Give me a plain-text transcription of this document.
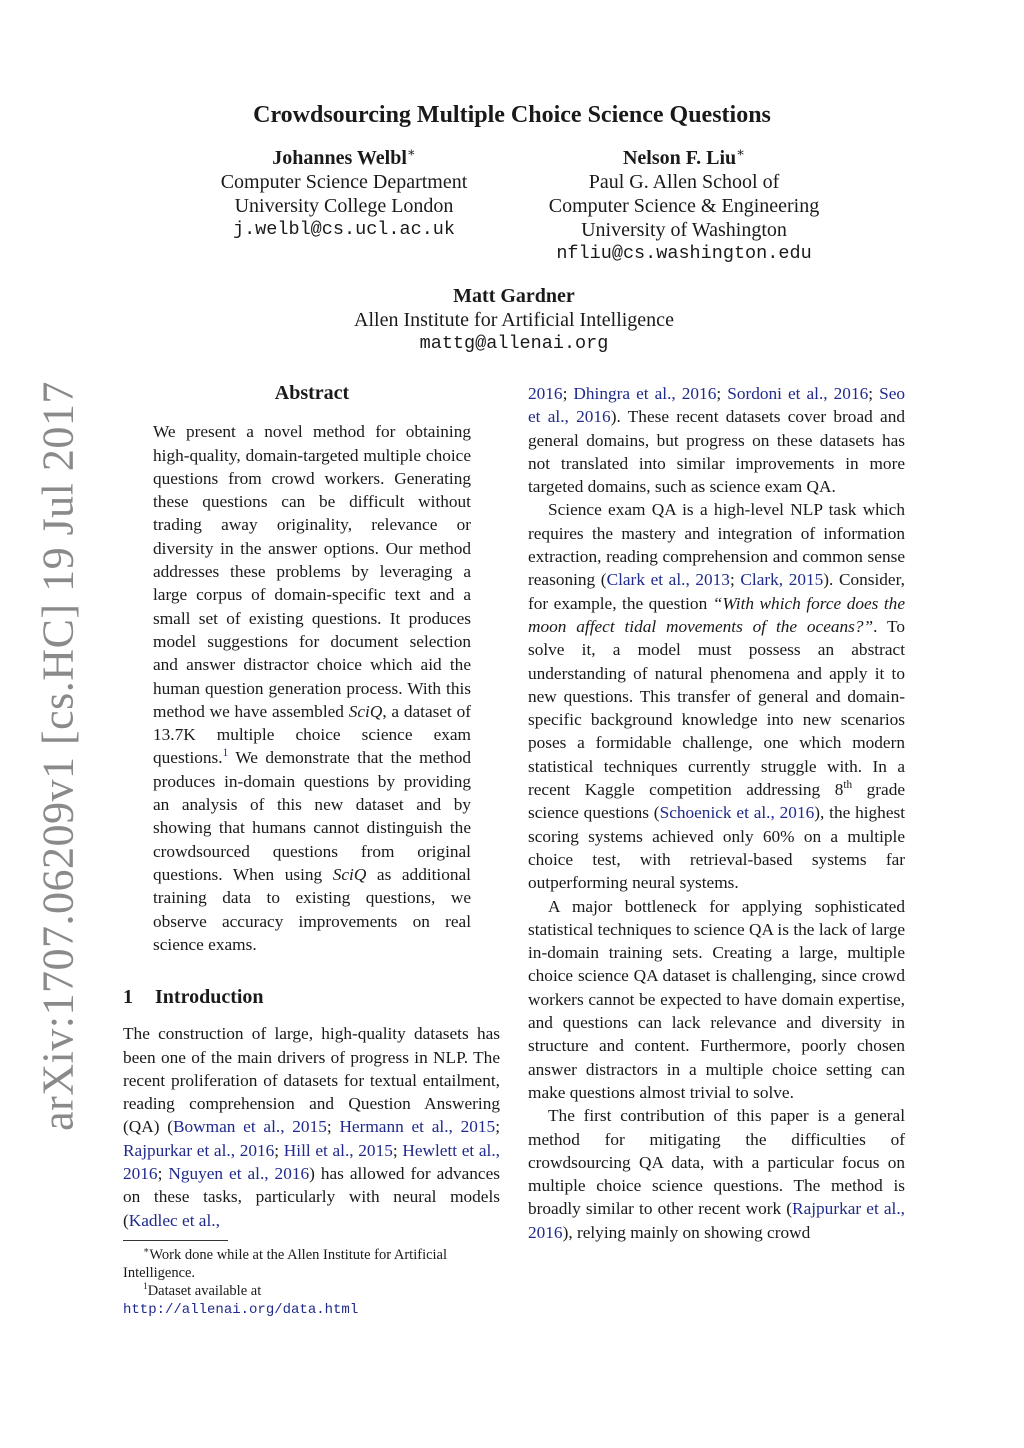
arXiv:1707.06209v1 [cs.HC] 19 Jul 2017
Crowdsourcing Multiple Choice Science Questions
Johannes Welbl∗
Computer Science Department
University College London
j.welbl@cs.ucl.ac.uk
Nelson F. Liu∗
Paul G. Allen School of
Computer Science & Engineering
University of Washington
nfliu@cs.washington.edu
Matt Gardner
Allen Institute for Artificial Intelligence
mattg@allenai.org
Abstract

We present a novel method for obtaining high-quality, domain-targeted multiple choice questions from crowd workers. Generating these questions can be difficult without trading away originality, relevance or diversity in the answer options. Our method addresses these problems by leveraging a large corpus of domain-specific text and a small set of existing questions. It produces model suggestions for document selection and answer distractor choice which aid the human question generation process. With this method we have assembled SciQ, a dataset of 13.7K multiple choice science exam questions.$^1$ We demonstrate that the method produces in-domain questions by providing an analysis of this new dataset and by showing that humans cannot distinguish the crowdsourced questions from original questions. When using SciQ as additional training data to existing questions, we observe accuracy improvements on real science exams.

1 Introduction

The construction of large, high-quality datasets has been one of the main drivers of progress in NLP. The recent proliferation of datasets for textual entailment, reading comprehension and Question Answering (QA) (Bowman et al., 2015; Hermann et al., 2015; Rajpurkar et al., 2016; Hill et al., 2015; Hewlett et al., 2016; Nguyen et al., 2016) has allowed for advances on these tasks, particularly with neural models (Kadlec et al.,

2016; Dhingra et al., 2016; Sordoni et al., 2016; Seo et al., 2016). These recent datasets cover broad and general domains, but progress on these datasets has not translated into similar improvements in more targeted domains, such as science exam QA.

Science exam QA is a high-level NLP task which requires the mastery and integration of information extraction, reading comprehension and common sense reasoning (Clark et al., 2013; Clark, 2015). Consider, for example, the question “With which force does the moon affect tidal movements of the oceans?”. To solve it, a model must possess an abstract understanding of natural phenomena and apply it to new questions. This transfer of general and domain-specific background knowledge into new scenarios poses a formidable challenge, one which modern statistical techniques currently struggle with. In a recent Kaggle competition addressing 8th grade science questions (Schoenick et al., 2016), the highest scoring systems achieved only 60% on a multiple choice test, with retrieval-based systems far outperforming neural systems.

A major bottleneck for applying sophisticated statistical techniques to science QA is the lack of large in-domain training sets. Creating a large, multiple choice science QA dataset is challenging, since crowd workers cannot be expected to have domain expertise, and questions can lack relevance and diversity in structure and content. Furthermore, poorly chosen answer distractors in a multiple choice setting can make questions almost trivial to solve.

The first contribution of this paper is a general method for mitigating the difficulties of crowdsourcing QA data, with a particular focus on multiple choice science questions. The method is broadly similar to other recent work (Rajpurkar et al., 2016), relying mainly on showing crowd

∗Work done while at the Allen Institute for Artificial Intelligence.

$^1$Dataset available at http://allenai.org/data.html
